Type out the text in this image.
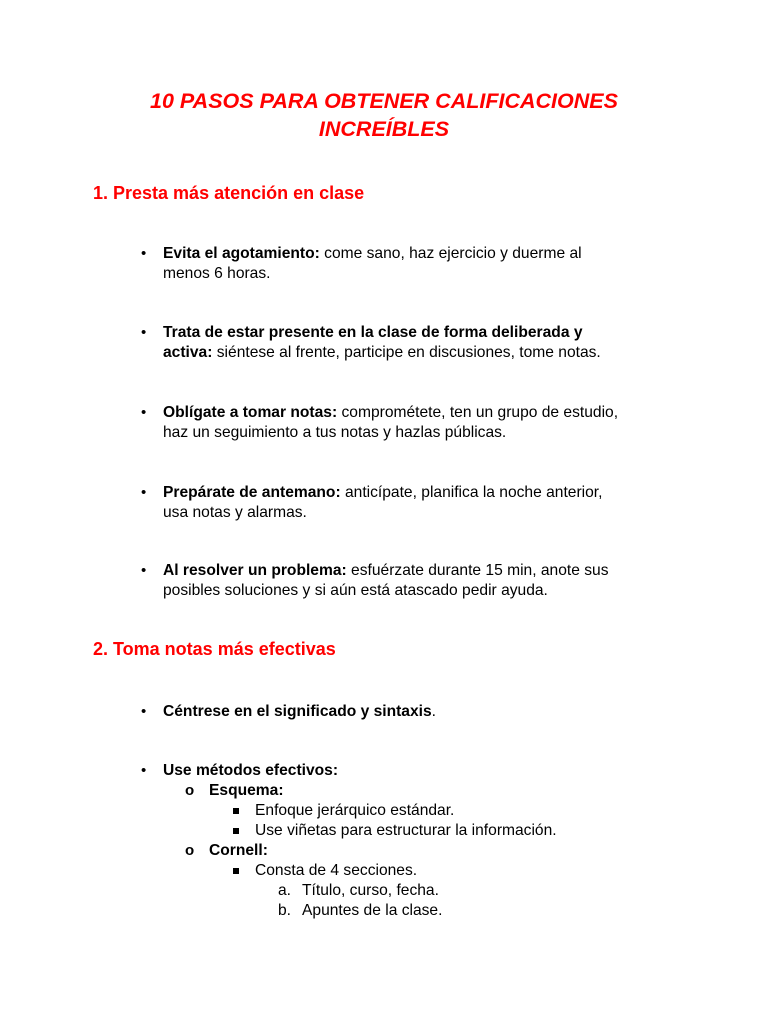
10 PASOS PARA OBTENER CALIFICACIONES
INCREÍBLES
1. Presta más atención en clase
• Evita el agotamiento: come sano, haz ejercicio y duerme al
menos 6 horas.
• Trata de estar presente en la clase de forma deliberada y
activa: siéntese al frente, participe en discusiones, tome notas.
• Oblígate a tomar notas: comprométete, ten un grupo de estudio,
haz un seguimiento a tus notas y hazlas públicas.
• Prepárate de antemano: anticípate, planifica la noche anterior,
usa notas y alarmas.
• Al resolver un problema: esfuérzate durante 15 min, anote sus
posibles soluciones y si aún está atascado pedir ayuda.
2. Toma notas más efectivas
• Céntrese en el significado y sintaxis.
• Use métodos efectivos:
o Esquema:
Enfoque jerárquico estándar.
Use viñetas para estructurar la información.
o Cornell:
Consta de 4 secciones.
a. Título, curso, fecha.
b. Apuntes de la clase.
